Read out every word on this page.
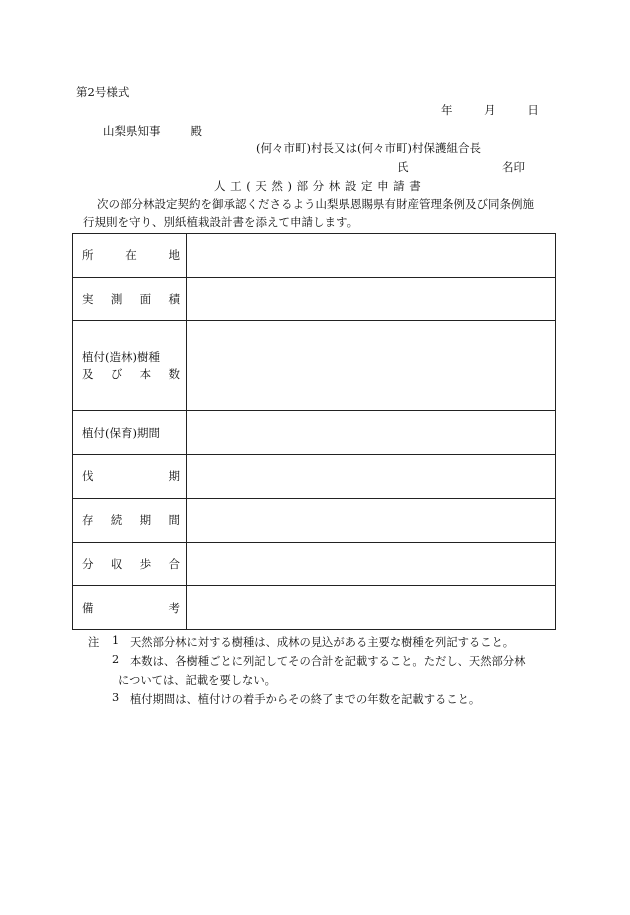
第2号様式
年	月	日
山梨県知事	殿
(何々市町)村長又は(何々市町)村保護組合長
氏	名印
人工(天然)部分林設定申請書
次の部分林設定契約を御承認くださるよう山梨県恩賜県有財産管理条例及び同条例施
行規則を守り、別紙植栽設計書を添えて申請します。
所 在 地	

実 測 面 積	

植付(造林)樹種
及 び 本 数	

植付(保育)期間	

伐 期	

存 続 期 間	

分 収 歩 合	

備 考	

注 1 天然部分林に対する樹種は、成林の見込がある主要な樹種を列記すること。
2 本数は、各樹種ごとに列記してその合計を記載すること。ただし、天然部分林
については、記載を要しない。
3 植付期間は、植付けの着手からその終了までの年数を記載すること。
